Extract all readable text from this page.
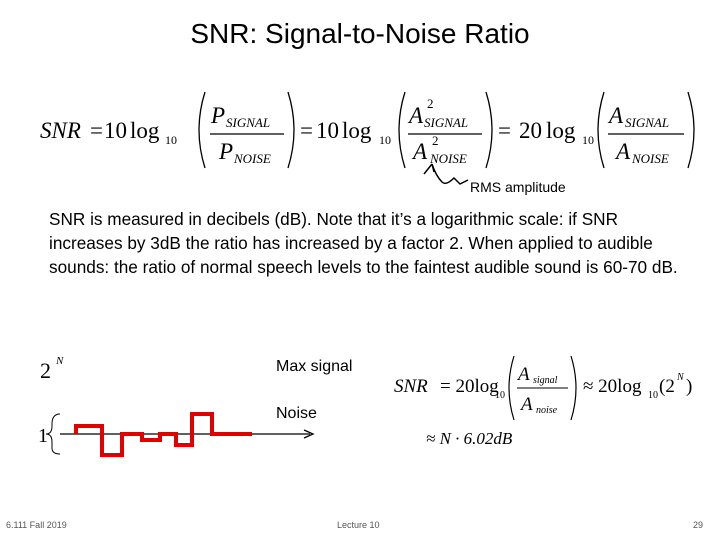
SNR: Signal-to-Noise Ratio
SNR = 10 log 10
P SIGNAL
P NOISE
= 10 log 10
A 2
SIGNAL
A 2
NOISE
= 20 log 10
A SIGNAL
A NOISE
RMS amplitude
SNR is measured in decibels (dB). Note that it’s a logarithmic scale: if SNR increases by 3dB the ratio has increased by a factor 2. When applied to audible sounds: the ratio of normal speech levels to the faintest audible sound is 60-70 dB.
2 N
1
Max signal
Noise
SNR = 20log
10
A signal
A noise
≈ 20log 10 (2 N )
≈ N · 6.02dB
6.111 Fall 2019	Lecture 10	29
